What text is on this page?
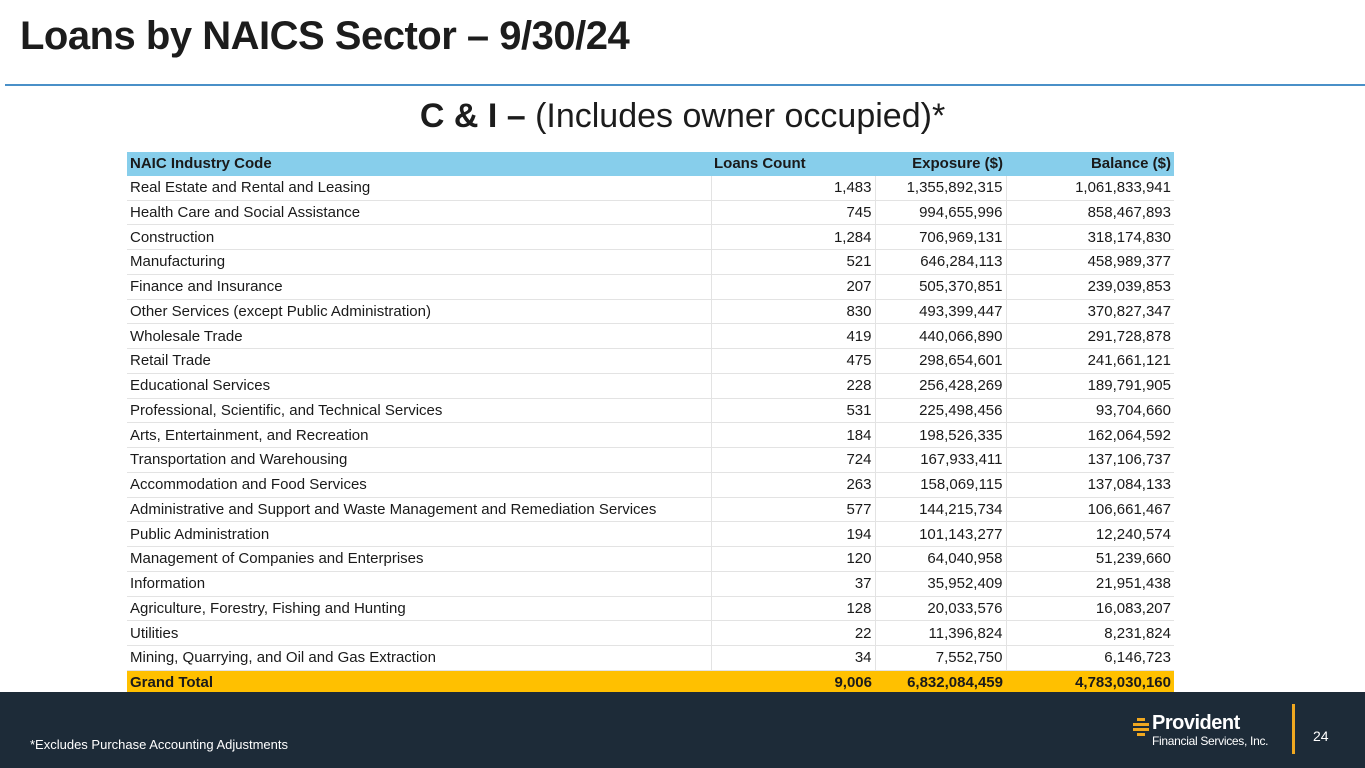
Loans by NAICS Sector – 9/30/24
C & I – (Includes owner occupied)*
NAIC Industry Code	Loans Count	Exposure ($)	Balance ($)
Real Estate and Rental and Leasing	1,483	1,355,892,315	1,061,833,941
Health Care and Social Assistance	745	994,655,996	858,467,893
Construction	1,284	706,969,131	318,174,830
Manufacturing	521	646,284,113	458,989,377
Finance and Insurance	207	505,370,851	239,039,853
Other Services (except Public Administration)	830	493,399,447	370,827,347
Wholesale Trade	419	440,066,890	291,728,878
Retail Trade	475	298,654,601	241,661,121
Educational Services	228	256,428,269	189,791,905
Professional, Scientific, and Technical Services	531	225,498,456	93,704,660
Arts, Entertainment, and Recreation	184	198,526,335	162,064,592
Transportation and Warehousing	724	167,933,411	137,106,737
Accommodation and Food Services	263	158,069,115	137,084,133
Administrative and Support and Waste Management and Remediation Services	577	144,215,734	106,661,467
Public Administration	194	101,143,277	12,240,574
Management of Companies and Enterprises	120	64,040,958	51,239,660
Information	37	35,952,409	21,951,438
Agriculture, Forestry, Fishing and Hunting	128	20,033,576	16,083,207
Utilities	22	11,396,824	8,231,824
Mining, Quarrying, and Oil and Gas Extraction	34	7,552,750	6,146,723
Grand Total	9,006	6,832,084,459	4,783,030,160
*Excludes Purchase Accounting Adjustments
Provident
Financial Services, Inc.	24
